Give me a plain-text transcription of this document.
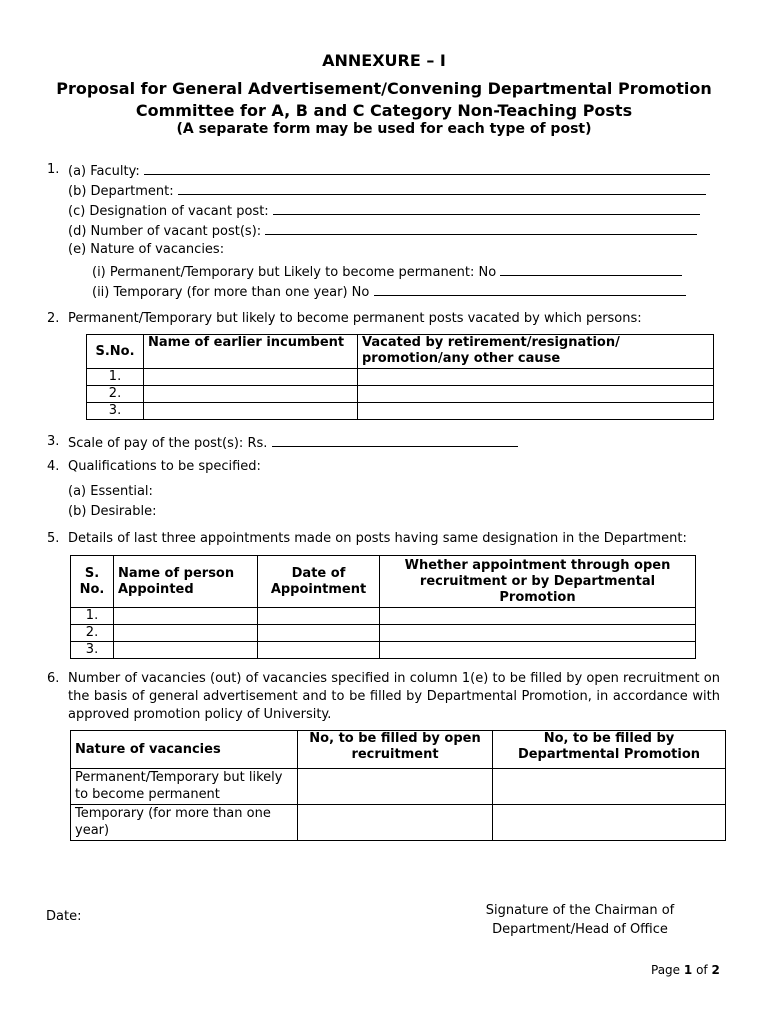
ANNEXURE – I
Proposal for General Advertisement/Convening Departmental Promotion
Committee for A, B and C Category Non-Teaching Posts
(A separate form may be used for each type of post)
1. (a) Faculty:
(b) Department:
(c) Designation of vacant post:
(d) Number of vacant post(s):
(e) Nature of vacancies:
(i) Permanent/Temporary but Likely to become permanent: No
(ii) Temporary (for more than one year) No
2. Permanent/Temporary but likely to become permanent posts vacated by which persons:
S.No.	Name of earlier incumbent	Vacated by retirement/resignation/ promotion/any other cause
1.		
2.		
3.		
3. Scale of pay of the post(s): Rs.
4. Qualifications to be specified:
(a) Essential:
(b) Desirable:
5. Details of last three appointments made on posts having same designation in the Department:
S. No.	Name of person Appointed	Date of Appointment	Whether appointment through open recruitment or by Departmental Promotion
1.			
2.			
3.			
6. Number of vacancies (out) of vacancies specified in column 1(e) to be filled by open recruitment on the basis of general advertisement and to be filled by Departmental Promotion, in accordance with approved promotion policy of University.
Nature of vacancies	No, to be filled by open recruitment	No, to be filled by Departmental Promotion
Permanent/Temporary but likely to become permanent		
Temporary (for more than one year)		
Date:	Signature of the Chairman of
Department/Head of Office
Page 1 of 2
